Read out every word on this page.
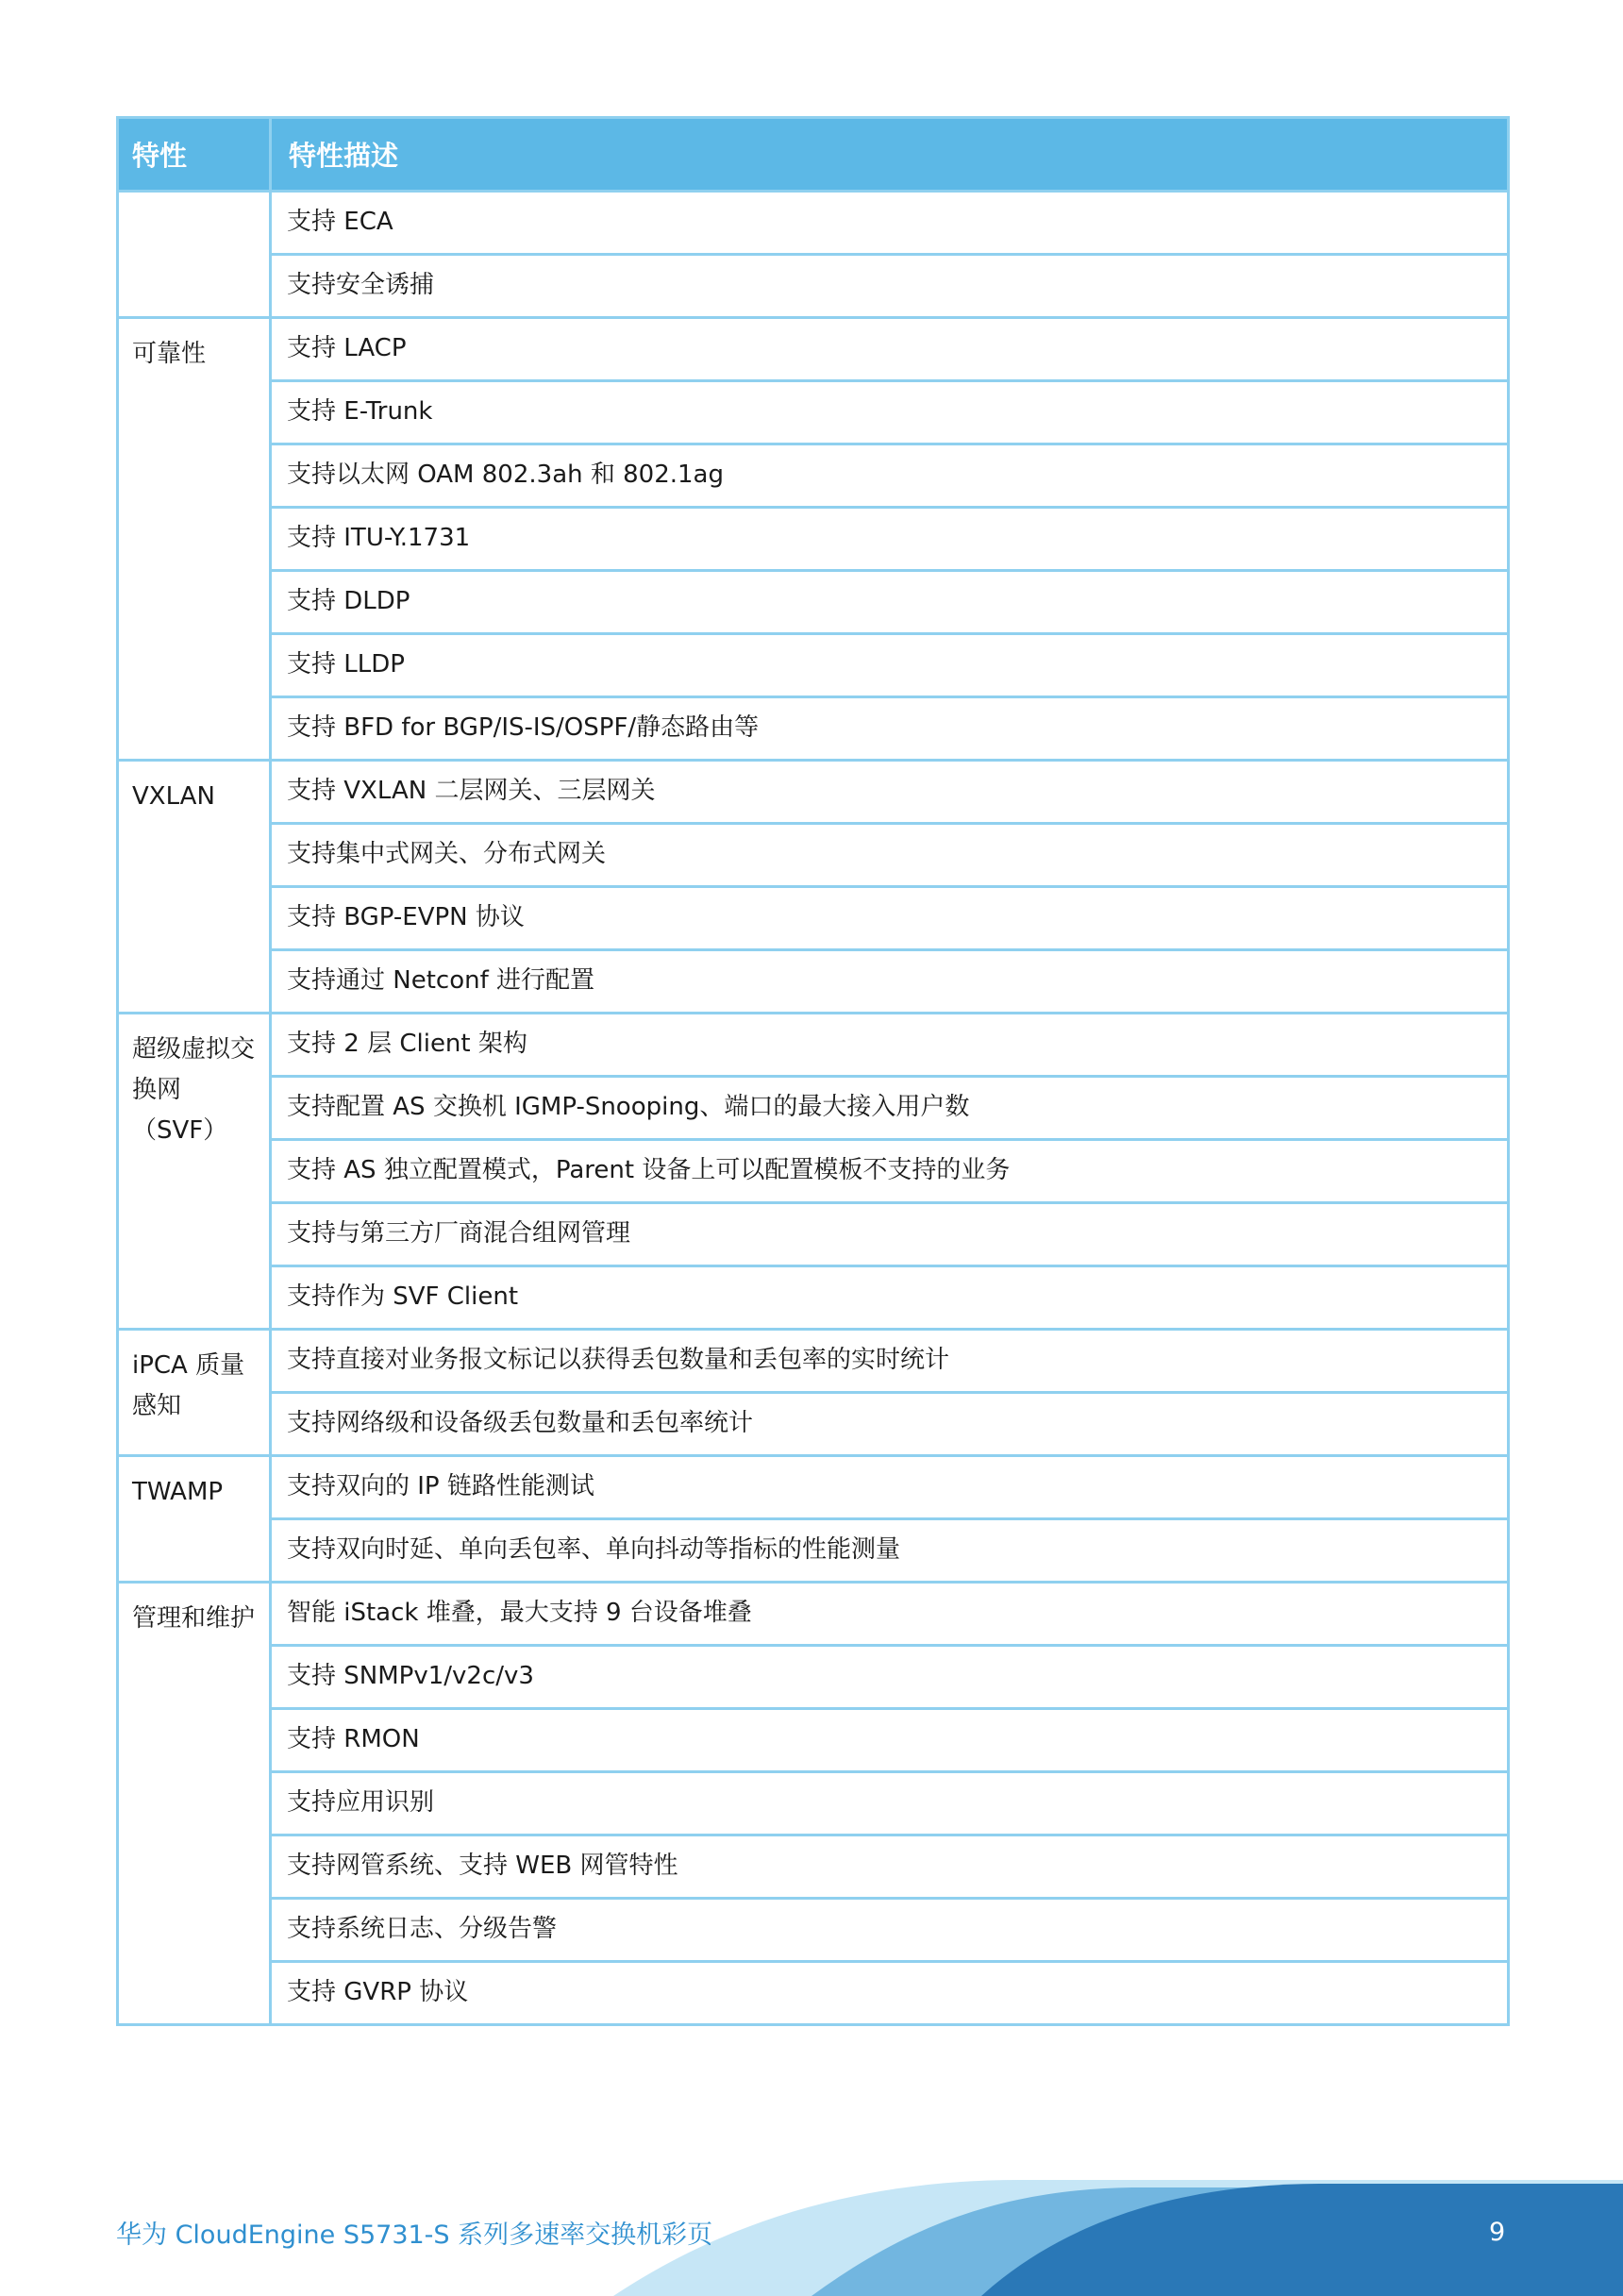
特性	特性描述
	支持 ECA
	支持安全诱捕
可靠性	支持 LACP
	支持 E-Trunk
	支持以太网 OAM 802.3ah 和 802.1ag
	支持 ITU-Y.1731
	支持 DLDP
	支持 LLDP
	支持 BFD for BGP/IS-IS/OSPF/静态路由等
VXLAN	支持 VXLAN 二层网关、三层网关
	支持集中式网关、分布式网关
	支持 BGP-EVPN 协议
	支持通过 Netconf 进行配置
超级虚拟交
换网
（SVF）	支持 2 层 Client 架构
	支持配置 AS 交换机 IGMP-Snooping、端口的最大接入用户数
	支持 AS 独立配置模式，Parent 设备上可以配置模板不支持的业务
	支持与第三方厂商混合组网管理
	支持作为 SVF Client
iPCA 质量
感知	支持直接对业务报文标记以获得丢包数量和丢包率的实时统计
	支持网络级和设备级丢包数量和丢包率统计
TWAMP	支持双向的 IP 链路性能测试
	支持双向时延、单向丢包率、单向抖动等指标的性能测量
管理和维护	智能 iStack 堆叠，最大支持 9 台设备堆叠
	支持 SNMPv1/v2c/v3
	支持 RMON
	支持应用识别
	支持网管系统、支持 WEB 网管特性
	支持系统日志、分级告警
	支持 GVRP 协议
华为 CloudEngine S5731-S 系列多速率交换机彩页	9
